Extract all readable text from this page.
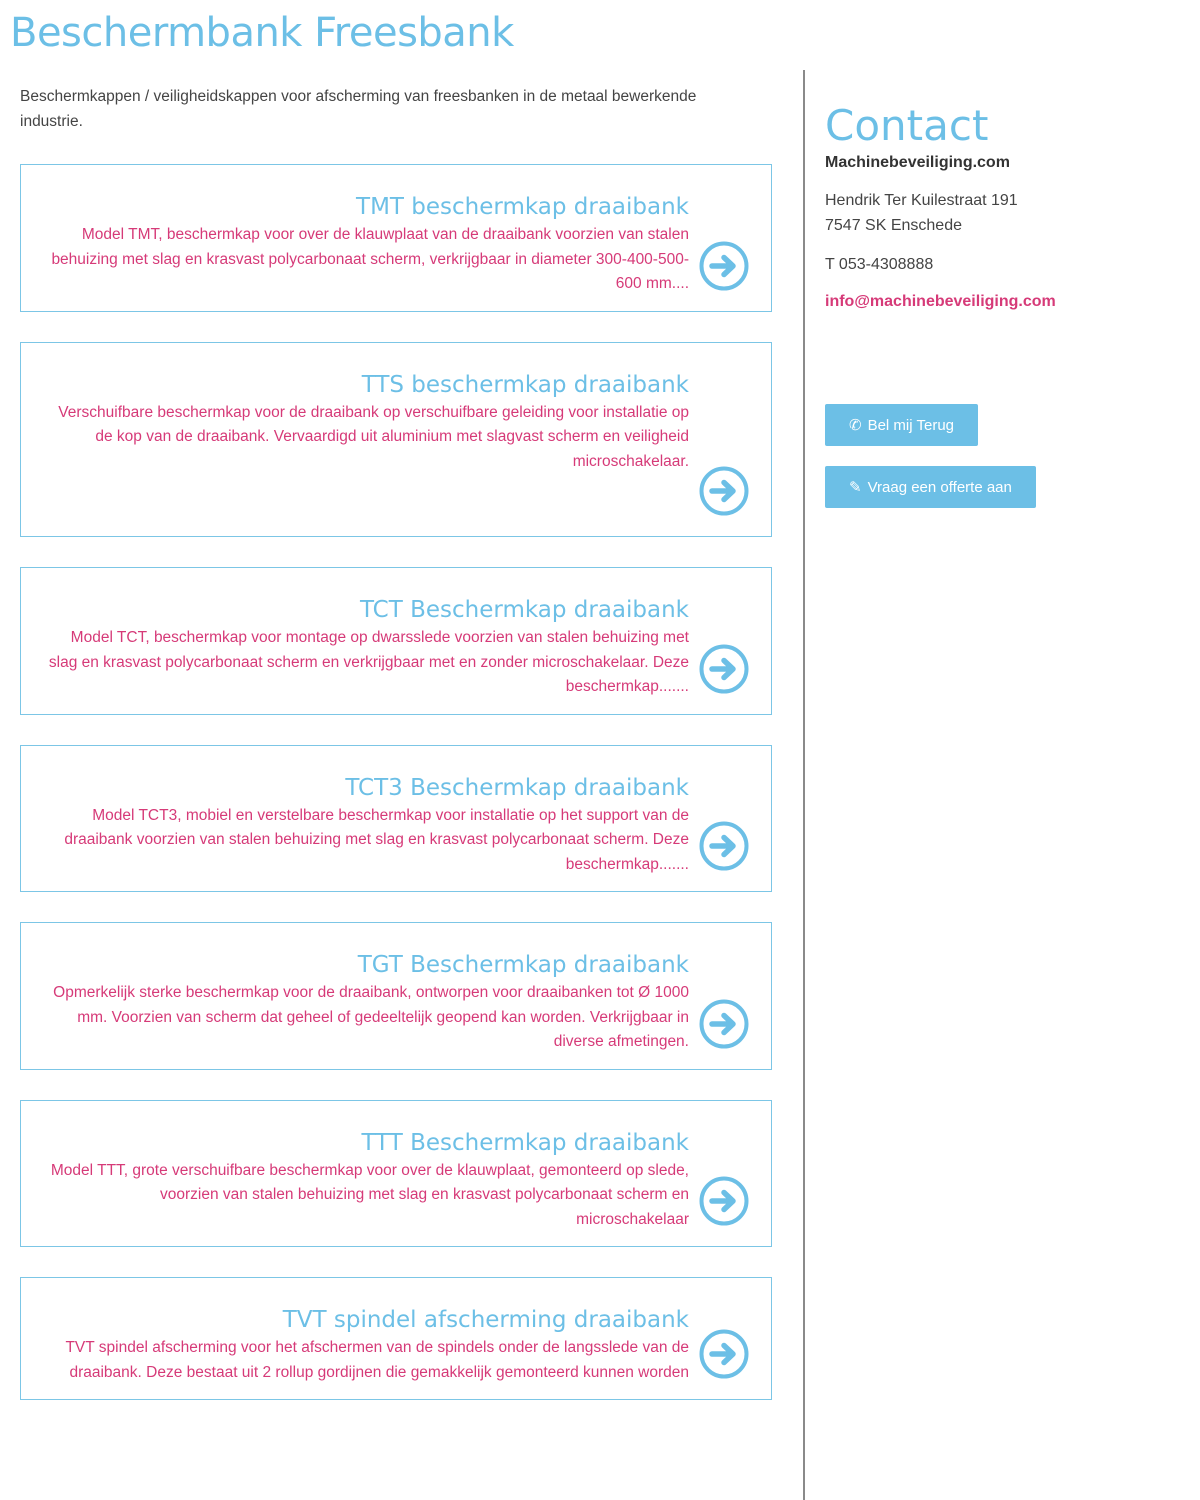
Beschermbank Freesbank

Beschermkappen / veiligheidskappen voor afscherming van freesbanken in de metaal bewerkende industrie.

TMT beschermkap draaibank

Model TMT, beschermkap voor over de klauwplaat van de draaibank voorzien van stalen behuizing met slag en krasvast polycarbonaat scherm, verkrijgbaar in diameter 300-400-500-600 mm....

TTS beschermkap draaibank

Verschuifbare beschermkap voor de draaibank op verschuifbare geleiding voor installatie op de kop van de draaibank. Vervaardigd uit aluminium met slagvast scherm en veiligheid microschakelaar.

TCT Beschermkap draaibank

Model TCT, beschermkap voor montage op dwarsslede voorzien van stalen behuizing met slag en krasvast polycarbonaat scherm en verkrijgbaar met en zonder microschakelaar. Deze beschermkap.......

TCT3 Beschermkap draaibank

Model TCT3, mobiel en verstelbare beschermkap voor installatie op het support van de draaibank voorzien van stalen behuizing met slag en krasvast polycarbonaat scherm. Deze beschermkap.......

TGT Beschermkap draaibank

Opmerkelijk sterke beschermkap voor de draaibank, ontworpen voor draaibanken tot Ø 1000 mm. Voorzien van scherm dat geheel of gedeeltelijk geopend kan worden. Verkrijgbaar in diverse afmetingen.

TTT Beschermkap draaibank

Model TTT, grote verschuifbare beschermkap voor over de klauwplaat, gemonteerd op slede, voorzien van stalen behuizing met slag en krasvast polycarbonaat scherm en microschakelaar

TVT spindel afscherming draaibank

TVT spindel afscherming voor het afschermen van de spindels onder de langsslede van de draaibank. Deze bestaat uit 2 rollup gordijnen die gemakkelijk gemonteerd kunnen worden

Contact

Machinebeveiliging.com

Hendrik Ter Kuilestraat 191
7547 SK Enschede

T 053-4308888

info@machinebeveiliging.com
✆ Bel mij Terug
✎ Vraag een offerte aan
